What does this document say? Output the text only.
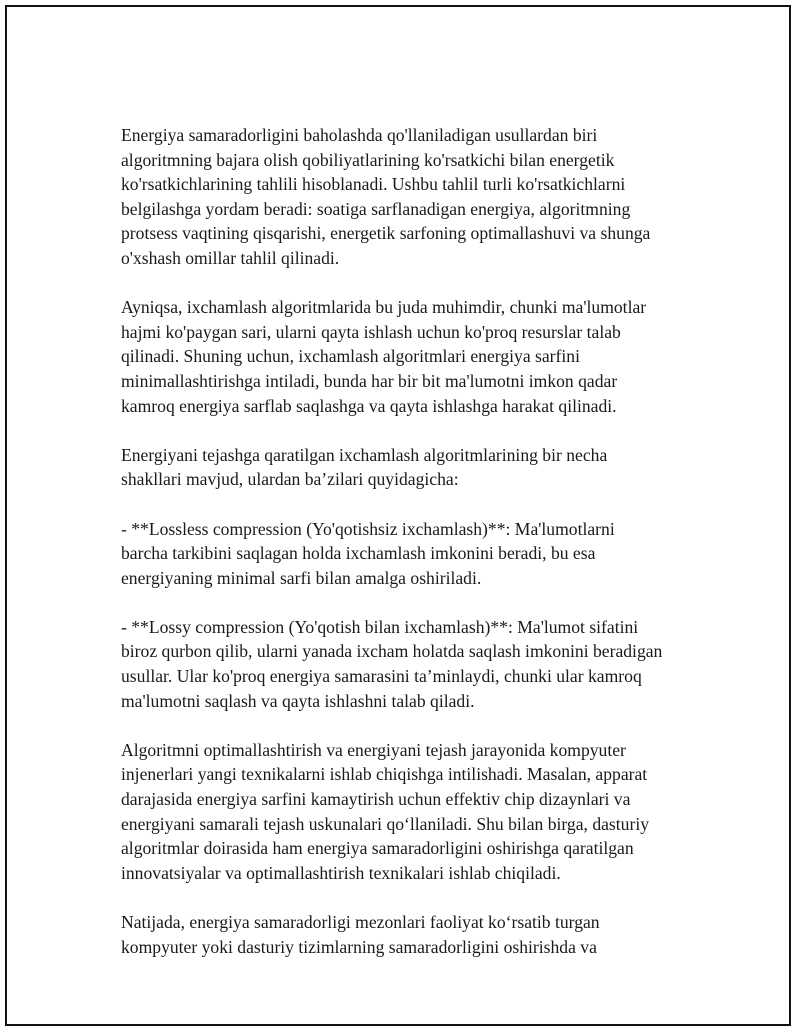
Energiya samaradorligini baholashda qo'llaniladigan usullardan biri
algoritmning bajara olish qobiliyatlarining ko'rsatkichi bilan energetik
ko'rsatkichlarining tahlili hisoblanadi. Ushbu tahlil turli ko'rsatkichlarni
belgilashga yordam beradi: soatiga sarflanadigan energiya, algoritmning
protsess vaqtining qisqarishi, energetik sarfoning optimallashuvi va shunga
o'xshash omillar tahlil qilinadi.

Ayniqsa, ixchamlash algoritmlarida bu juda muhimdir, chunki ma'lumotlar
hajmi ko'paygan sari, ularni qayta ishlash uchun ko'proq resurslar talab
qilinadi. Shuning uchun, ixchamlash algoritmlari energiya sarfini
minimallashtirishga intiladi, bunda har bir bit ma'lumotni imkon qadar
kamroq energiya sarflab saqlashga va qayta ishlashga harakat qilinadi.

Energiyani tejashga qaratilgan ixchamlash algoritmlarining bir necha
shakllari mavjud, ulardan ba’zilari quyidagicha:

- **Lossless compression (Yo'qotishsiz ixchamlash)**: Ma'lumotlarni
barcha tarkibini saqlagan holda ixchamlash imkonini beradi, bu esa
energiyaning minimal sarfi bilan amalga oshiriladi.

- **Lossy compression (Yo'qotish bilan ixchamlash)**: Ma'lumot sifatini
biroz qurbon qilib, ularni yanada ixcham holatda saqlash imkonini beradigan
usullar. Ular ko'proq energiya samarasini ta’minlaydi, chunki ular kamroq
ma'lumotni saqlash va qayta ishlashni talab qiladi.

Algoritmni optimallashtirish va energiyani tejash jarayonida kompyuter
injenerlari yangi texnikalarni ishlab chiqishga intilishadi. Masalan, apparat
darajasida energiya sarfini kamaytirish uchun effektiv chip dizaynlari va
energiyani samarali tejash uskunalari qo‘llaniladi. Shu bilan birga, dasturiy
algoritmlar doirasida ham energiya samaradorligini oshirishga qaratilgan
innovatsiyalar va optimallashtirish texnikalari ishlab chiqiladi.

Natijada, energiya samaradorligi mezonlari faoliyat ko‘rsatib turgan
kompyuter yoki dasturiy tizimlarning samaradorligini oshirishda va
